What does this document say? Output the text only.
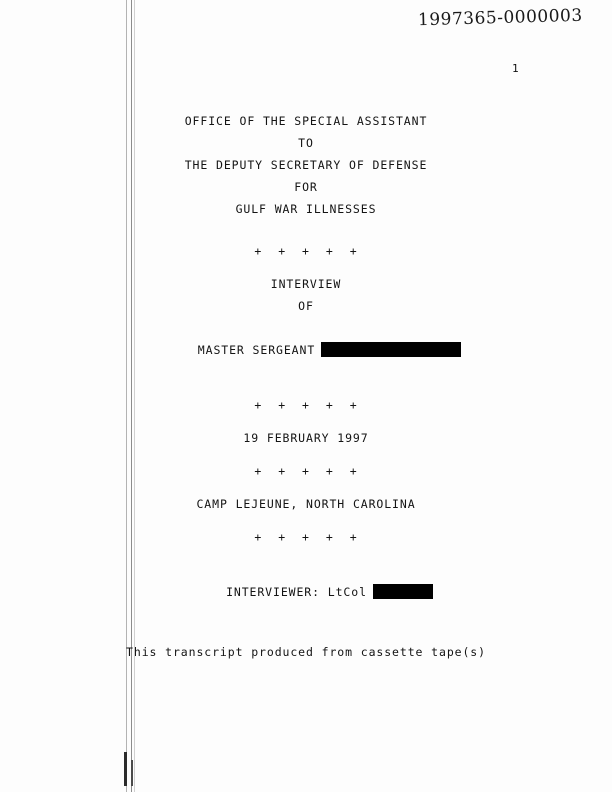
1997365-0000003
1
OFFICE OF THE SPECIAL ASSISTANT
TO
THE DEPUTY SECRETARY OF DEFENSE
FOR
GULF WAR ILLNESSES
+ + + + +
INTERVIEW
OF

MASTER SERGEANT

+ + + + +
19 FEBRUARY 1997
+ + + + +
CAMP LEJEUNE, NORTH CAROLINA
+ + + + +

INTERVIEWER: LtCol

This transcript produced from cassette tape(s)
